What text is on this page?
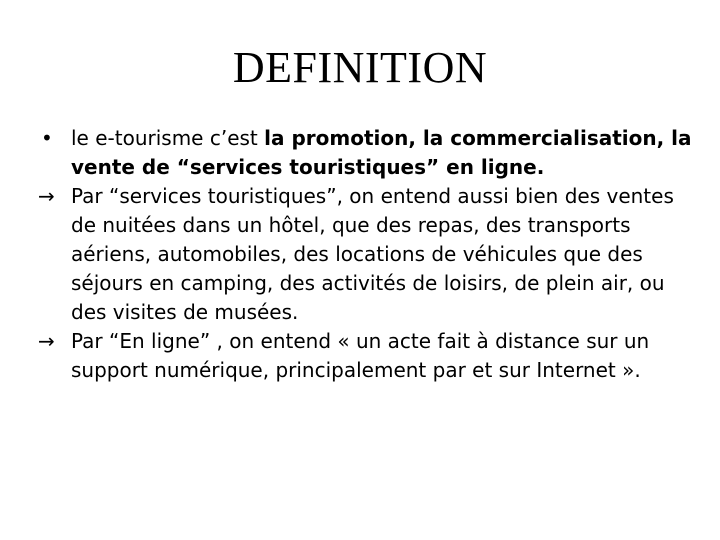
DEFINITION

• le e-tourisme c’est la promotion, la commercialisation, la vente de “services touristiques” en ligne.

→ Par “services touristiques”, on entend aussi bien des ventes de nuitées dans un hôtel, que des repas, des transports aériens, automobiles, des locations de véhicules que des séjours en camping, des activités de loisirs, de plein air, ou des visites de musées.

→ Par “En ligne” , on entend « un acte fait à distance sur un support numérique, principalement par et sur Internet ».
